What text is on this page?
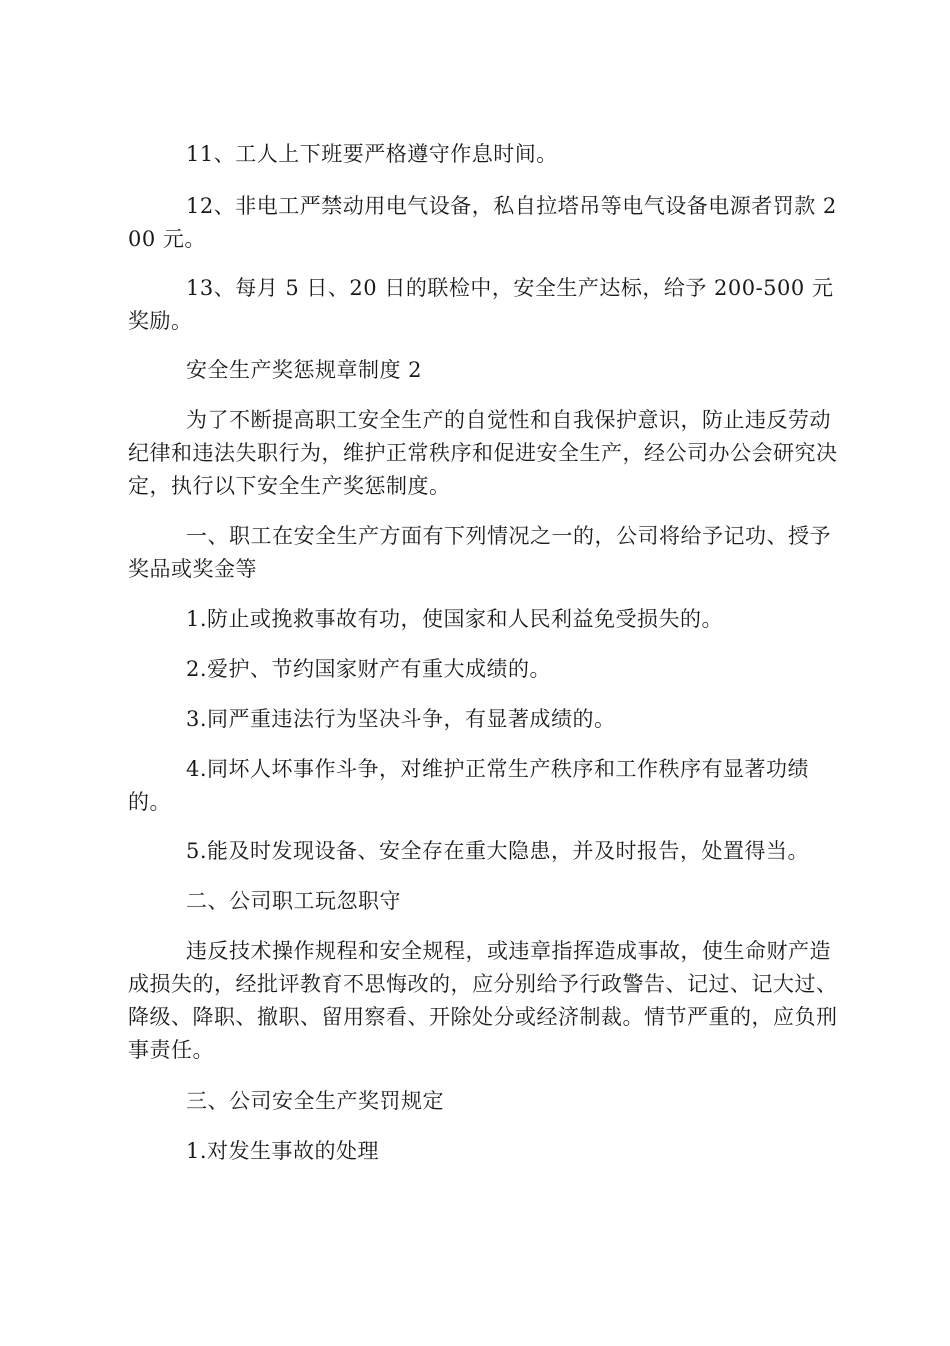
11、工人上下班要严格遵守作息时间。

12、非电工严禁动用电气设备，私自拉塔吊等电气设备电源者罚款 200 元。

13、每月 5 日、20 日的联检中，安全生产达标，给予 200-500 元奖励。

安全生产奖惩规章制度 2

为了不断提高职工安全生产的自觉性和自我保护意识，防止违反劳动纪律和违法失职行为，维护正常秩序和促进安全生产，经公司办公会研究决定，执行以下安全生产奖惩制度。

一、职工在安全生产方面有下列情况之一的，公司将给予记功、授予奖品或奖金等

1.防止或挽救事故有功，使国家和人民利益免受损失的。

2.爱护、节约国家财产有重大成绩的。

3.同严重违法行为坚决斗争，有显著成绩的。

4.同坏人坏事作斗争，对维护正常生产秩序和工作秩序有显著功绩的。

5.能及时发现设备、安全存在重大隐患，并及时报告，处置得当。

二、公司职工玩忽职守

违反技术操作规程和安全规程，或违章指挥造成事故，使生命财产造成损失的，经批评教育不思悔改的，应分别给予行政警告、记过、记大过、降级、降职、撤职、留用察看、开除处分或经济制裁。情节严重的，应负刑事责任。

三、公司安全生产奖罚规定

1.对发生事故的处理
